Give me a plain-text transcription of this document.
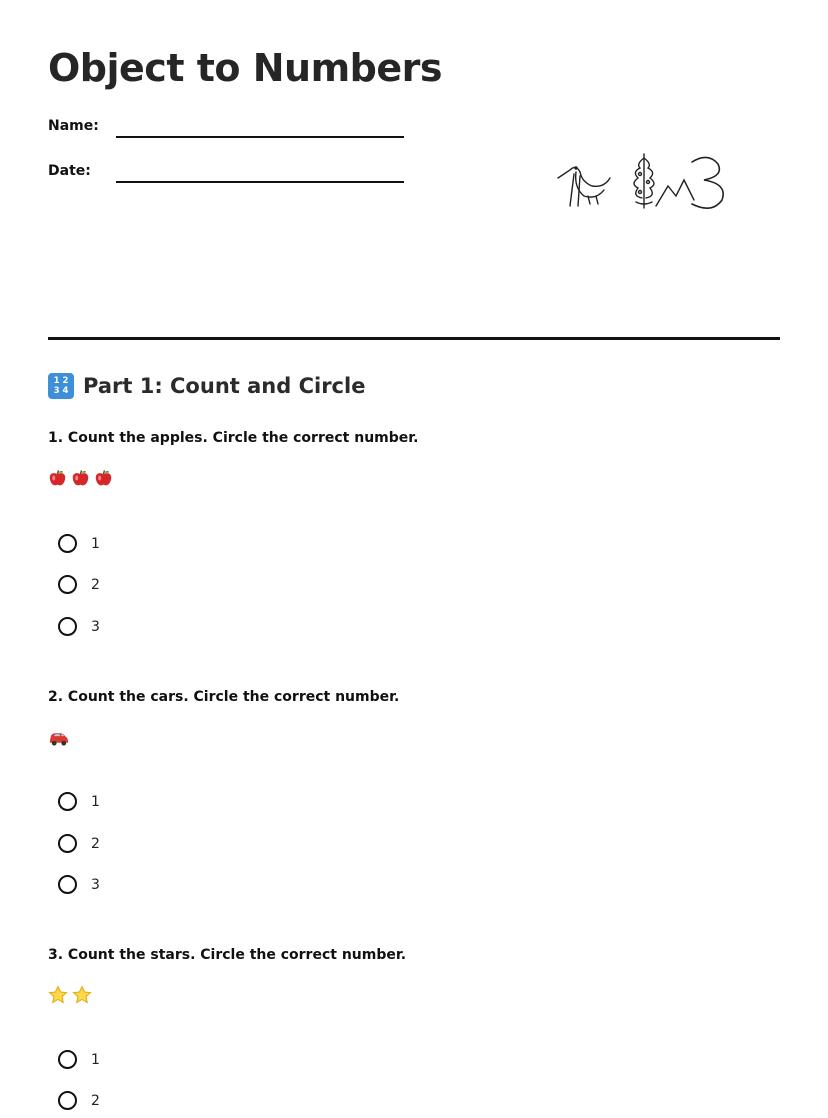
Object to Numbers
Name:
Date:
1 2
3 4 Part 1: Count and Circle
1. Count the apples. Circle the correct number.
1
2
3
2. Count the cars. Circle the correct number.
1
2
3
3. Count the stars. Circle the correct number.
1
2
